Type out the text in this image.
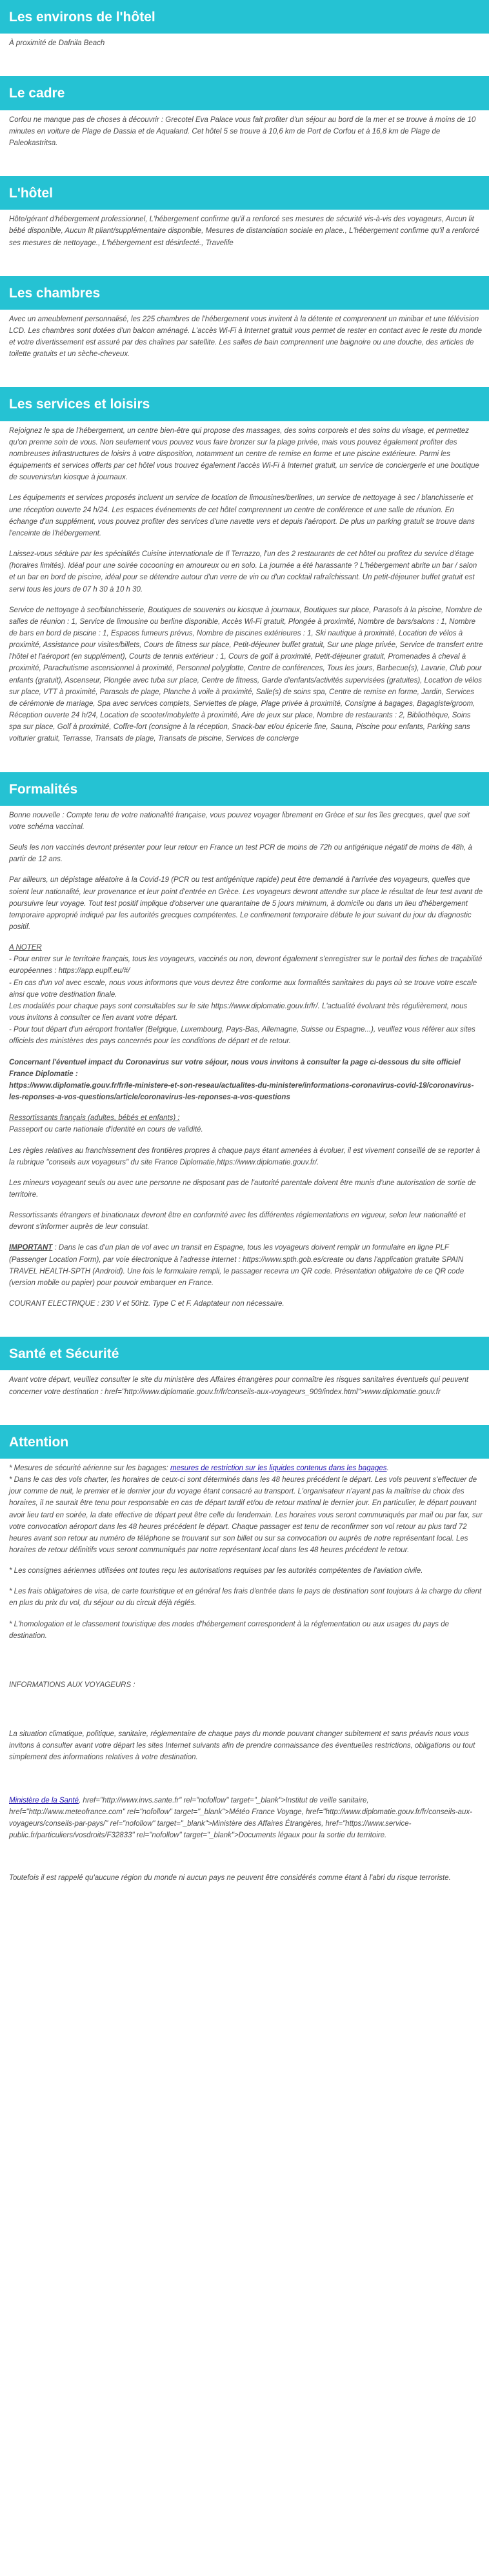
Les environs de l'hôtel

À proximité de Dafnila Beach

Le cadre

Corfou ne manque pas de choses à découvrir : Grecotel Eva Palace vous fait profiter d'un séjour au bord de la mer et se trouve à moins de 10 minutes en voiture de Plage de Dassia et de Aqualand. Cet hôtel 5 se trouve à 10,6 km de Port de Corfou et à 16,8 km de Plage de Paleokastritsa.

L'hôtel

Hôte/gérant d'hébergement professionnel, L'hébergement confirme qu'il a renforcé ses mesures de sécurité vis-à-vis des voyageurs, Aucun lit bébé disponible, Aucun lit pliant/supplémentaire disponible, Mesures de distanciation sociale en place., L'hébergement confirme qu'il a renforcé ses mesures de nettoyage., L'hébergement est désinfecté., Travelife

Les chambres

Avec un ameublement personnalisé, les 225 chambres de l'hébergement vous invitent à la détente et comprennent un minibar et une télévision LCD. Les chambres sont dotées d'un balcon aménagé. L'accès Wi-Fi à Internet gratuit vous permet de rester en contact avec le reste du monde et votre divertissement est assuré par des chaînes par satellite. Les salles de bain comprennent une baignoire ou une douche, des articles de toilette gratuits et un sèche-cheveux.

Les services et loisirs

Rejoignez le spa de l'hébergement, un centre bien-être qui propose des massages, des soins corporels et des soins du visage, et permettez qu'on prenne soin de vous. Non seulement vous pouvez vous faire bronzer sur la plage privée, mais vous pouvez également profiter des nombreuses infrastructures de loisirs à votre disposition, notamment un centre de remise en forme et une piscine extérieure. Parmi les équipements et services offerts par cet hôtel vous trouvez également l'accès Wi-Fi à Internet gratuit, un service de conciergerie et une boutique de souvenirs/un kiosque à journaux.

Les équipements et services proposés incluent un service de location de limousines/berlines, un service de nettoyage à sec / blanchisserie et une réception ouverte 24 h/24. Les espaces événements de cet hôtel comprennent un centre de conférence et une salle de réunion. En échange d'un supplément, vous pouvez profiter des services d'une navette vers et depuis l'aéroport. De plus un parking gratuit se trouve dans l'enceinte de l'hébergement.

Laissez-vous séduire par les spécialités Cuisine internationale de Il Terrazzo, l'un des 2 restaurants de cet hôtel ou profitez du service d'étage (horaires limités). Idéal pour une soirée cocooning en amoureux ou en solo. La journée a été harassante ? L'hébergement abrite un bar / salon et un bar en bord de piscine, idéal pour se détendre autour d'un verre de vin ou d'un cocktail rafraîchissant. Un petit-déjeuner buffet gratuit est servi tous les jours de 07 h 30 à 10 h 30.

Service de nettoyage à sec/blanchisserie, Boutiques de souvenirs ou kiosque à journaux, Boutiques sur place, Parasols à la piscine, Nombre de salles de réunion : 1, Service de limousine ou berline disponible, Accès Wi-Fi gratuit, Plongée à proximité, Nombre de bars/salons : 1, Nombre de bars en bord de piscine : 1, Espaces fumeurs prévus, Nombre de piscines extérieures : 1, Ski nautique à proximité, Location de vélos à proximité, Assistance pour visites/billets, Cours de fitness sur place, Petit-déjeuner buffet gratuit, Sur une plage privée, Service de transfert entre l'hôtel et l'aéroport (en supplément), Courts de tennis extérieur : 1, Cours de golf à proximité, Petit-déjeuner gratuit, Promenades à cheval à proximité, Parachutisme ascensionnel à proximité, Personnel polyglotte, Centre de conférences, Tous les jours, Barbecue(s), Lavarie, Club pour enfants (gratuit), Ascenseur, Plongée avec tuba sur place, Centre de fitness, Garde d'enfants/activités supervisées (gratuites), Location de vélos sur place, VTT à proximité, Parasols de plage, Planche à voile à proximité, Salle(s) de soins spa, Centre de remise en forme, Jardin, Services de cérémonie de mariage, Spa avec services complets, Serviettes de plage, Plage privée à proximité, Consigne à bagages, Bagagiste/groom, Réception ouverte 24 h/24, Location de scooter/mobylette à proximité, Aire de jeux sur place, Nombre de restaurants : 2, Bibliothèque, Soins spa sur place, Golf à proximité, Coffre-fort (consigne à la réception, Snack-bar et/ou épicerie fine, Sauna, Piscine pour enfants, Parking sans voiturier gratuit, Terrasse, Transats de plage, Transats de piscine, Services de concierge

Formalités

Bonne nouvelle : Compte tenu de votre nationalité française, vous pouvez voyager librement en Grèce et sur les îles grecques, quel que soit votre schéma vaccinal.

Seuls les non vaccinés devront présenter pour leur retour en France un test PCR de moins de 72h ou antigénique négatif de moins de 48h, à partir de 12 ans.

Par ailleurs, un dépistage aléatoire à la Covid-19 (PCR ou test antigénique rapide) peut être demandé à l'arrivée des voyageurs, quelles que soient leur nationalité, leur provenance et leur point d'entrée en Grèce. Les voyageurs devront attendre sur place le résultat de leur test avant de poursuivre leur voyage. Tout test positif implique d'observer une quarantaine de 5 jours minimum, à domicile ou dans un lieu d'hébergement temporaire approprié indiqué par les autorités grecques compétentes. Le confinement temporaire débute le jour suivant du jour du diagnostic positif.

A NOTER
- Pour entrer sur le territoire français, tous les voyageurs, vaccinés ou non, devront également s'enregistrer sur le portail des fiches de traçabilité européennes : https://app.euplf.eu/#/
- En cas d'un vol avec escale, nous vous informons que vous devrez être conforme aux formalités sanitaires du pays où se trouve votre escale ainsi que votre destination finale.
Les modalités pour chaque pays sont consultables sur le site https://www.diplomatie.gouv.fr/fr/. L'actualité évoluant très régulièrement, nous vous invitons à consulter ce lien avant votre départ.
- Pour tout départ d'un aéroport frontalier (Belgique, Luxembourg, Pays-Bas, Allemagne, Suisse ou Espagne...), veuillez vous référer aux sites officiels des ministères des pays concernés pour les conditions de départ et de retour.

Concernant l'éventuel impact du Coronavirus sur votre séjour, nous vous invitons à consulter la page ci-dessous du site officiel France Diplomatie :
https://www.diplomatie.gouv.fr/fr/le-ministere-et-son-reseau/actualites-du-ministere/informations-coronavirus-covid-19/coronavirus-les-reponses-a-vos-questions/article/coronavirus-les-reponses-a-vos-questions

Ressortissants français (adultes, bébés et enfants) :
Passeport ou carte nationale d'identité en cours de validité.

Les règles relatives au franchissement des frontières propres à chaque pays étant amenées à évoluer, il est vivement conseillé de se reporter à la rubrique "conseils aux voyageurs" du site France Diplomatie,https://www.diplomatie.gouv.fr/.

Les mineurs voyageant seuls ou avec une personne ne disposant pas de l'autorité parentale doivent être munis d'une autorisation de sortie de territoire.

Ressortissants étrangers et binationaux devront être en conformité avec les différentes réglementations en vigueur, selon leur nationalité et devront s'informer auprès de leur consulat.

IMPORTANT : Dans le cas d'un plan de vol avec un transit en Espagne, tous les voyageurs doivent remplir un formulaire en ligne PLF (Passenger Location Form), par voie électronique à l'adresse internet : https://www.spth.gob.es/create ou dans l'application gratuite SPAIN TRAVEL HEALTH-SPTH (Android). Une fois le formulaire rempli, le passager recevra un QR code. Présentation obligatoire de ce QR code (version mobile ou papier) pour pouvoir embarquer en France.

COURANT ELECTRIQUE : 230 V et 50Hz. Type C et F. Adaptateur non nécessaire.

Santé et Sécurité

Avant votre départ, veuillez consulter le site du ministère des Affaires étrangères pour connaître les risques sanitaires éventuels qui peuvent concerner votre destination : href="http://www.diplomatie.gouv.fr/fr/conseils-aux-voyageurs_909/index.html">www.diplomatie.gouv.fr

Attention

* Mesures de sécurité aérienne sur les bagages: mesures de restriction sur les liquides contenus dans les bagages.

* Dans le cas des vols charter, les horaires de ceux-ci sont déterminés dans les 48 heures précédent le départ. Les vols peuvent s'effectuer de jour comme de nuit, le premier et le dernier jour du voyage étant consacré au transport. L'organisateur n'ayant pas la maîtrise du choix des horaires, il ne saurait être tenu pour responsable en cas de départ tardif et/ou de retour matinal le dernier jour. En particulier, le départ pouvant avoir lieu tard en soirée, la date effective de départ peut être celle du lendemain. Les horaires vous seront communiqués par mail ou par fax, sur votre convocation aéroport dans les 48 heures précédent le départ. Chaque passager est tenu de reconfirmer son vol retour au plus tard 72 heures avant son retour au numéro de téléphone se trouvant sur son billet ou sur sa convocation ou auprès de notre représentant local. Les horaires de retour définitifs vous seront communiqués par notre représentant local dans les 48 heures précédent le retour.

* Les consignes aériennes utilisées ont toutes reçu les autorisations requises par les autorités compétentes de l'aviation civile.

* Les frais obligatoires de visa, de carte touristique et en général les frais d'entrée dans le pays de destination sont toujours à la charge du client en plus du prix du vol, du séjour ou du circuit déjà réglés.

* L'homologation et le classement touristique des modes d'hébergement correspondent à la réglementation ou aux usages du pays de destination.

INFORMATIONS AUX VOYAGEURS :

La situation climatique, politique, sanitaire, réglementaire de chaque pays du monde pouvant changer subitement et sans préavis nous vous invitons à consulter avant votre départ les sites Internet suivants afin de prendre connaissance des éventuelles restrictions, obligations ou tout simplement des informations relatives à votre destination.

Ministère de la Santé, href="http://www.invs.sante.fr" rel="nofollow" target="_blank">Institut de veille sanitaire, href="http://www.meteofrance.com" rel="nofollow" target="_blank">Météo France Voyage, href="http://www.diplomatie.gouv.fr/fr/conseils-aux-voyageurs/conseils-par-pays/" rel="nofollow" target="_blank">Ministère des Affaires Étrangères, href="https://www.service-public.fr/particuliers/vosdroits/F32833" rel="nofollow" target="_blank">Documents légaux pour la sortie du territoire.

Toutefois il est rappelé qu'aucune région du monde ni aucun pays ne peuvent être considérés comme étant à l'abri du risque terroriste.
